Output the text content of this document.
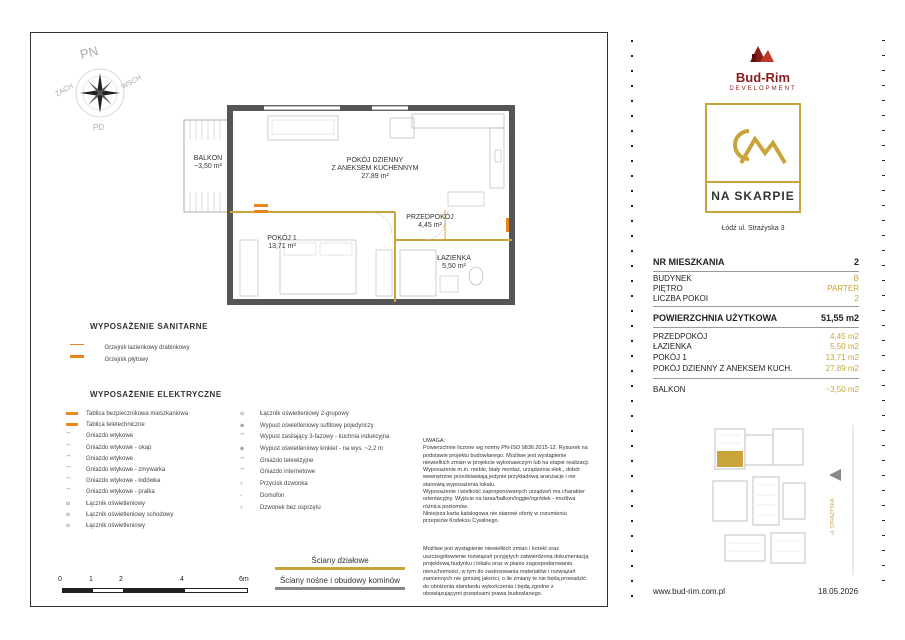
PN
PD
ZACH	WSCH
BALKON
~3,50 m²
POKÓJ DZIENNY
Z ANEKSEM KUCHENNYM
27,89 m²
PRZEDPOKÓJ
4,45 m²
POKÓJ 1
13,71 m²
ŁAZIENKA
5,50 m²
WYPOSAŻENIE SANITARNE
Grzejnik łazienkowy drabinkowy
Grzejnik płytowy
WYPOSAŻENIE ELEKTRYCZNE
Tablica bezpiecznikowa mieszkaniowa
Tablica teletechniczne
⌒ Gniazdo wtykowe
⌒ Gniazdo wtykowe - okap
⌒ Gniazdo wtykowe
⌒ Gniazdo wtykowe - zmywarka
⌒ Gniazdo wtykowe - lodówka
⌒ Gniazdo wtykowe - pralka
⊙	Łącznik oświetleniowy
⊙	Łącznik oświetleniowy schodowy
⊙	Łącznik oświetleniowy
⊙	Łącznik oświetleniowy 2-grupowy
⊕	Wypust oświetleniowy sufitowy pojedynczy
⌒ Wypust zasilający 3-fazowy - kuchnia indukcyjna
⊗	Wypust oświetleniowy kinkiet - na wys. ~2,2 m
⌒ Gniazdo telewizyjne
⌒ Gniazdo internetowe
○	Przycisk dzwonka
▫	Domofon
○	Dzwonek bez osprzętu
UWAGA:
Powierzchnie liczone wg normy PN-ISO 9836:2015-12. Rysunek na
podstawie projektu budowlanego. Możliwe jest wystąpienie
niewielkich zmian w projekcie wykonawczym lub na etapie realizacji.
Wyposażenie m.in. meble, biały montaż, urządzenia elek., dobór
wewnętrzne przedstawiają jedynie przykładową aranżacje i nie
stanowią wyposażenia lokalu.
Wyposażenie i wielkość zaproponowanych urządzeń ma charakter
orientacyjny. Wyjście na taras/balkon/loggie/ogródek - możliwa
różnica poziomów.
Niniejsza karta katalogowa nie stanowi oferty w rozumieniu
przepisów Kodeksu Cywilnego.
Możliwe jest wystąpienie niewielkich zmian i korekt oraz
uszczegółowienie rozwiązań przyjętych zatwierdzoną dokumentacją
projektową budynku i lokalu oraz w planie zagospodarowania
nieruchomości, w tym do zastosowania materiałów i rozwiązań
zamiennych nie gorszej jakości, o ile zmiany te nie będą prowadzić
do obniżenia standardu wykończenia i będą zgodne z
obowiązującymi przepisami prawa budowlanego.
0	1	2	4	6m
Ściany działowe
Ściany nośne i obudowy kominów
Bud-Rim
DEVELOPMENT
NA SKARPIE
Łódź ul. Strażyska 3
NR MIESZKANIA	2
BUDYNEK	B
PIĘTRO	PARTER
LICZBA POKOI	2
POWIERZCHNIA UŻYTKOWA	51,55 m2
PRZEDPOKÓJ	4,45 m2
ŁAZIENKA	5,50 m2
POKÓJ 1	13,71 m2
POKÓJ DZIENNY Z ANEKSEM KUCH.	27,89 m2
BALKON	~3,50 m2
ul. STRAŻYSKA
www.bud-rim.com.pl	18.05.2026
